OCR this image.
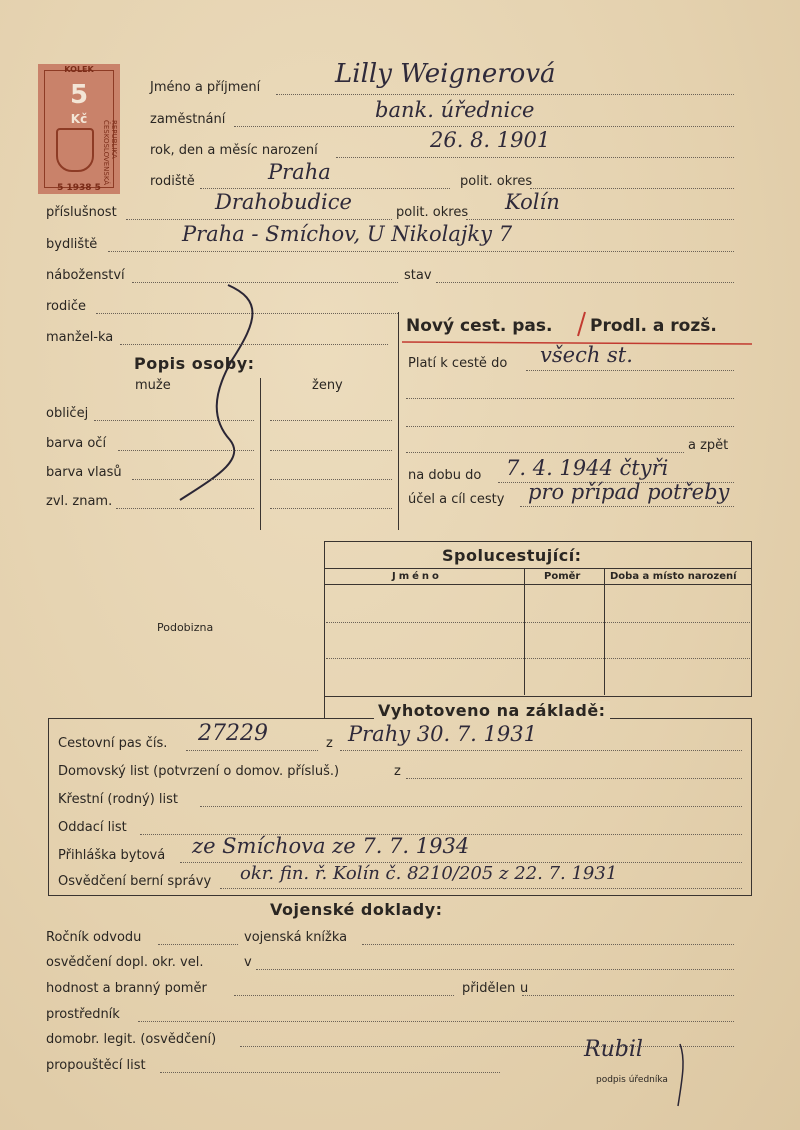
KOLEK
5
Kč
REPUBLIKA ČESKOSLOVENSKÁ
5 1938 5
Jméno a příjmení	Lilly Weignerová
zaměstnání	bank. úřednice
rok, den a měsíc narození	26. 8. 1901
rodiště	Praha	polit. okres
příslušnost	Drahobudice	polit. okres Kolín
bydliště	Praha - Smíchov, U Nikolajky 7
náboženství	stav
rodiče
manžel-ka
Popis osoby:
muže	ženy
obličej
barva očí
barva vlasů
zvl. znam.
Nový cest. pas. Prodl. a rozš.
Platí k cestě do všech st.
a zpět
na dobu do 7. 4. 1944 čtyři
účel a cíl cesty pro případ potřeby
Spolucestující:
Jméno	Poměr	Doba a místo narození
Podobizna
Vyhotoveno na základě:
Cestovní pas čís. 27229	z Prahy 30. 7. 1931
Domovský list (potvrzení o domov. přísluš.)	z
Křestní (rodný) list
Oddací list
Přihláška bytová ze Smíchova ze 7. 7. 1934
Osvědčení berní správy okr. fin. ř. Kolín č. 8210/205 z 22. 7. 1931
Vojenské doklady:
Ročník odvodu	vojenská knížka
osvědčení dopl. okr. vel.	v
hodnost a branný poměr	přidělen u
prostředník
domobr. legit. (osvědčení)
propouštěcí list
Rubil
podpis úředníka
